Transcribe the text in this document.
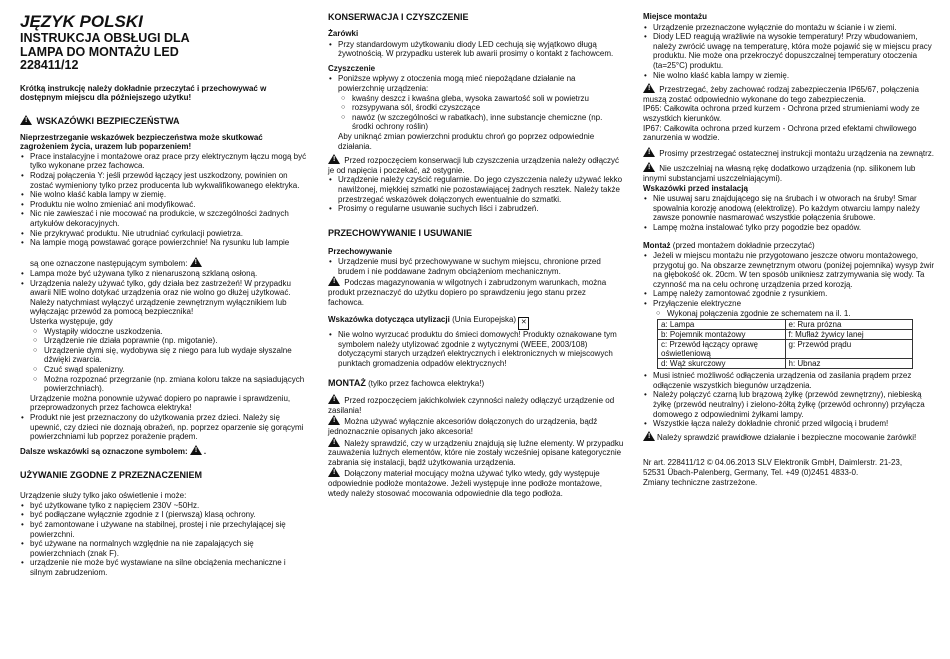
JĘZYK POLSKI
INSTRUKCJA OBSŁUGI DLA
LAMPA DO MONTAŻU LED
228411/12

Krótką instrukcję należy dokładnie przeczytać i przechowywać w dostępnym miejscu dla późniejszego użytku!

! WSKAZÓWKI BEZPIECZEŃSTWA

Nieprzestrzeganie wskazówek bezpieczeństwa może skutkować zagrożeniem życia, urazem lub poparzeniem!

• Prace instalacyjne i montażowe oraz prace przy elektrycznym łączu mogą być tylko wykonane przez fachowca.
• Rodzaj połączenia Y: jeśli przewód łączący jest uszkodzony, powinien on zostać wymieniony tylko przez producenta lub wykwalifikowanego elektryka.
• Nie wolno kłaść kabla lampy w ziemię.
• Produktu nie wolno zmieniać ani modyfikować.
• Nic nie zawieszać i nie mocować na produkcie, w szczególności żadnych artykułów dekoracyjnych.
• Nie przykrywać produktu. Nie utrudniać cyrkulacji powietrza.
• Na lampie mogą powstawać gorące powierzchnie! Na rysunku lub lampie

są one oznaczone następującym symbolem: !
• Lampa może być używana tylko z nienaruszoną szklaną osłoną.
• Urządzenia należy używać tylko, gdy działa bez zastrzeżeń! W przypadku awarii NIE wolno dotykać urządzenia oraz nie wolno go dłużej użytkować. Należy natychmiast wyłączyć urządzenie zewnętrznym wyłącznikiem lub wyłączając przewód za pomocą bezpiecznika!
Usterka występuje, gdy
○ Wystąpiły widoczne uszkodzenia.
○ Urządzenie nie działa poprawnie (np. migotanie).
○ Urządzenie dymi się, wydobywa się z niego para lub wydaje słyszalne dźwięki zwarcia.
○ Czuć swąd spalenizny.
○ Można rozpoznać przegrzanie (np. zmiana koloru takze na sąsiadujących powierzchniach).
Urządzenie można ponownie używać dopiero po naprawie i sprawdzeniu, przeprowadzonych przez fachowca elektryka!
• Produkt nie jest przeznaczony do użytkowania przez dzieci. Należy się upewnić, czy dzieci nie doznają obrażeń, np. poprzez oparzenie się gorącymi powierzchniami lub poprzez porażenie prądem.

Dalsze wskazówki są oznaczone symbolem: ! .

UŻYWANIE ZGODNE Z PRZEZNACZENIEM

Urządzenie służy tylko jako oświetlenie i może:

• być użytkowane tylko z napięciem 230V ~50Hz.
• być podłączane wyłącznie zgodnie z I (pierwszą) klasą ochrony.
• być zamontowane i używane na stabilnej, prostej i nie przechylającej się powierzchni.
• być używane na normalnych względnie na nie zapalających się powierzchniach (znak F).
• urządzenie nie może być wystawiane na silne obciążenia mechaniczne i silnym zabrudzeniom.
KONSERWACJA I CZYSZCZENIE
Żarówki
• Przy standardowym użytkowaniu diody LED cechują się wyjątkowo długą żywotnością. W przypadku usterek lub awarii prosimy o kontakt z fachowcem.
Czyszczenie
• Poniższe wpływy z otoczenia mogą mieć niepożądane działanie na powierzchnię urządzenia:
○ kwaśny deszcz i kwaśna gleba, wysoka zawartość soli w powietrzu
○ rozsypywana sól, środki czyszczące
○ nawóz (w szczególności w rabatkach), inne substancje chemiczne (np. środki ochrony roślin)
Aby uniknąć zmian powierzchni produktu chroń go poprzez odpowiednie działania.

! Przed rozpoczęciem konserwacji lub czyszczenia urządzenia należy odłączyć je od napięcia i poczekać, aż ostygnie.

• Urządzenie należy czyścić regularnie. Do jego czyszczenia należy używać lekko nawilżonej, miękkiej szmatki nie pozostawiającej żadnych resztek. Należy także przestrzegać wskazówek dołączonych ewentualnie do szmatki.
• Prosimy o regularne usuwanie suchych liści i zabrudzeń.
PRZECHOWYWANIE I USUWANIE
Przechowywanie
• Urządzenie musi być przechowywane w suchym miejscu, chronione przed brudem i nie poddawane żadnym obciążeniom mechanicznym.

! Podczas magazynowania w wilgotnych i zabrudzonym warunkach, można produkt przeznaczyć do użytku dopiero po sprawdzeniu jego stanu przez fachowca.

Wskazówka dotycząca utylizacji (Unia Europejska) ✕

• Nie wolno wyrzucać produktu do śmieci domowych! Produkty oznakowane tym symbolem należy utylizować zgodnie z wytycznymi (WEEE, 2003/108) dotyczącymi starych urządzeń elektrycznych i elektronicznych w miejscowych punktach gromadzenia odpadów elektrycznych!

MONTAŻ (tylko przez fachowca elektryka!)

! Przed rozpoczęciem jakichkolwiek czynności należy odłączyć urządzenie od zasilania!

! Można używać wyłącznie akcesoriów dołączonych do urządzenia, bądź jednoznacznie opisanych jako akcesoria!

! Należy sprawdzić, czy w urządzeniu znajdują się luźne elementy. W przypadku zauważenia luźnych elementów, które nie zostały wcześniej opisane kategorycznie zabrania się instalacji, bądź użytkowania urządzenia.

! Dołączony materiał mocujący można używać tylko wtedy, gdy występuje odpowiednie podłoże montażowe. Jeżeli występuje inne podłoże montażowe, wtedy należy stosować mocowania odpowiednie dla tego podłoża.

Miejsce montażu
• Urządzenie przeznaczone wyłącznie do montażu w ścianie i w ziemi.
• Diody LED reagują wrażliwie na wysokie temperatury! Przy wbudowaniem, należy zwrócić uwagę na temperaturę, która może pojawić się w miejscu pracy produktu. Nie może ona przekroczyć dopuszczalnej temperatury otoczenia (ta=25°C) produktu.
• Nie wolno kłaść kabla lampy w ziemię.

! Przestrzegać, żeby zachować rodzaj zabezpieczenia IP65/67, połączenia muszą zostać odpowiednio wykonane do tego zabezpieczenia.

IP65: Całkowita ochrona przed kurzem - Ochrona przed strumieniami wody ze wszystkich kierunków.

IP67: Całkowita ochrona przed kurzem - Ochrona przed efektami chwilowego zanurzenia w wodzie.

! Prosimy przestrzegać ostatecznej instrukcji montażu urządzenia na zewnątrz.

! Nie uszczelniaj na własną rękę dodatkowo urządzenia (np. silikonem lub innymi substancjami uszczelniającymi).

Wskazówki przed instalacją
• Nie usuwaj saru znajdującego się na śrubach i w otworach na śruby! Smar spowalnia korozję anodową (elektrolizę). Po każdym otwarciu lampy należy zawsze ponownie nasmarować wszystkie połączenia śrubowe.
• Lampę można instalować tylko przy pogodzie bez opadów.

Montaż (przed montażem dokładnie przeczytać)

• Jeżeli w miejscu montażu nie przygotowano jeszcze otworu montażowego, przygotuj go. Na obszarze zewnętrznym otworu (poniżej pojemnika) wysyp żwir na głębokość ok. 20cm. W ten sposób unikniesz zatrzymywania się wody. Ta czynność ma na celu ochronę urządzenia przed korozją.
• Lampę należy zamontować zgodnie z rysunkiem.
• Przyłączenie elektryczne
○ Wykonaj połączenia zgodnie ze schematem na il. 1.
a: Lampa	e: Rura prózna
b: Pojemnik montażowy	f: Mufłaż żywicy lanej
c: Przewód łączący oprawę oświetleniową	g: Przewód prądu
d: Wąż skurczowy	h: Ubnaz
• Musi istnieć możliwość odłączenia urządzenia od zasilania prądem przez odłączenie wszystkich biegunów urządzenia.
• Należy połączyć czarną lub brązową żyłkę (przewód zewnętrzny), niebieską żyłkę (przewód neutralny) i zielono-żółtą żyłkę (przewód ochronny) przyłącza domowego z odpowiednimi żyłkami lampy.
• Wszystkie łącza należy dokładnie chronić przed wilgocią i brudem!

!Należy sprawdzić prawidłowe działanie i bezpieczne mocowanie żarówki!

Nr art. 228411/12 © 04.06.2013 SLV Elektronik GmbH, Daimlerstr. 21-23,
52531 Übach-Palenberg, Germany, Tel. +49 (0)2451 4833-0.
Zmiany techniczne zastrzeżone.
